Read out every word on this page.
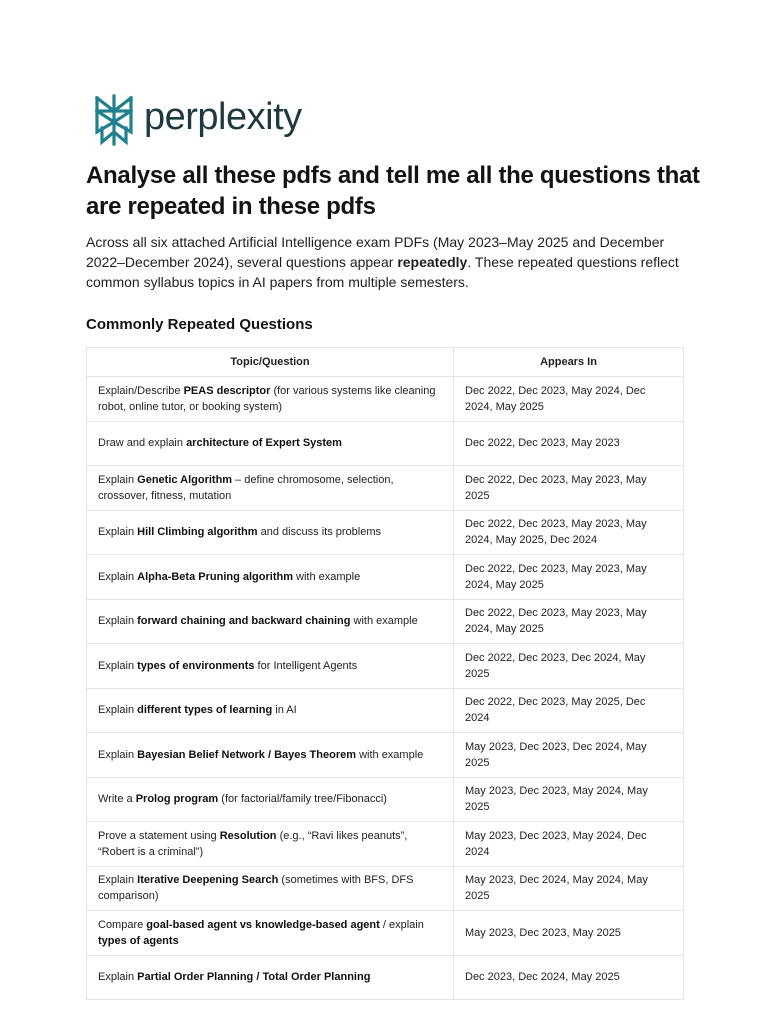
perplexity
Analyse all these pdfs and tell me all the questions that are repeated in these pdfs

Across all six attached Artificial Intelligence exam PDFs (May 2023–May 2025 and December 2022–December 2024), several questions appear repeatedly. These repeated questions reflect common syllabus topics in AI papers from multiple semesters.

Commonly Repeated Questions
Topic/Question	Appears In
Explain/Describe PEAS descriptor (for various systems like cleaning robot, online tutor, or booking system)	Dec 2022, Dec 2023, May 2024, Dec 2024, May 2025
Draw and explain architecture of Expert System	Dec 2022, Dec 2023, May 2023
Explain Genetic Algorithm – define chromosome, selection, crossover, fitness, mutation	Dec 2022, Dec 2023, May 2023, May 2025
Explain Hill Climbing algorithm and discuss its problems	Dec 2022, Dec 2023, May 2023, May 2024, May 2025, Dec 2024
Explain Alpha-Beta Pruning algorithm with example	Dec 2022, Dec 2023, May 2023, May 2024, May 2025
Explain forward chaining and backward chaining with example	Dec 2022, Dec 2023, May 2023, May 2024, May 2025
Explain types of environments for Intelligent Agents	Dec 2022, Dec 2023, Dec 2024, May 2025
Explain different types of learning in AI	Dec 2022, Dec 2023, May 2025, Dec 2024
Explain Bayesian Belief Network / Bayes Theorem with example	May 2023, Dec 2023, Dec 2024, May 2025
Write a Prolog program (for factorial/family tree/Fibonacci)	May 2023, Dec 2023, May 2024, May 2025
Prove a statement using Resolution (e.g., “Ravi likes peanuts”, “Robert is a criminal”)	May 2023, Dec 2023, May 2024, Dec 2024
Explain Iterative Deepening Search (sometimes with BFS, DFS comparison)	May 2023, Dec 2024, May 2024, May 2025
Compare goal-based agent vs knowledge-based agent / explain types of agents	May 2023, Dec 2023, May 2025
Explain Partial Order Planning / Total Order Planning	Dec 2023, Dec 2024, May 2025
